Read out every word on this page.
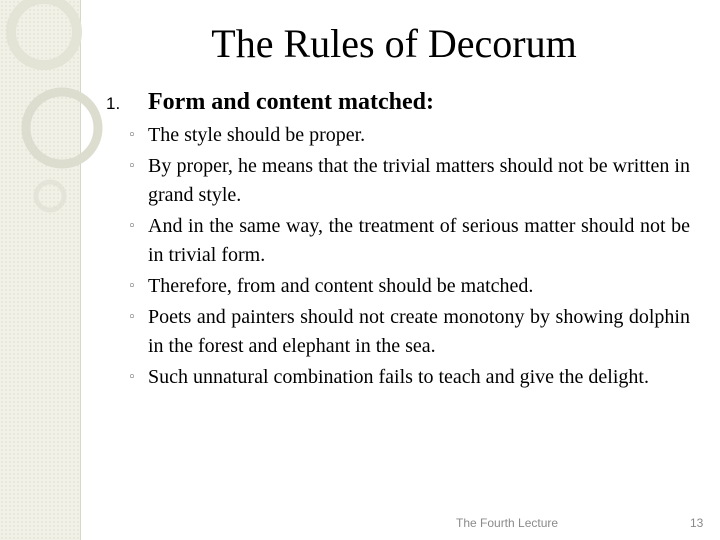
The Rules of Decorum
1. Form and content matched:
◦ The style should be proper.
◦ By proper, he means that the trivial matters should not be written in grand style.
◦ And in the same way, the treatment of serious matter should not be in trivial form.
◦ Therefore, from and content should be matched.
◦ Poets and painters should not create monotony by showing dolphin in the forest and elephant in the sea.
◦ Such unnatural combination fails to teach and give the delight.
The Fourth Lecture	13
